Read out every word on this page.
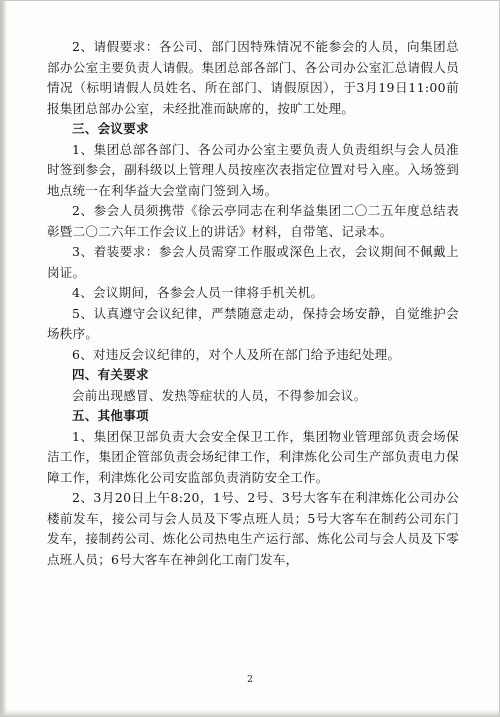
2、请假要求：各公司、部门因特殊情况不能参会的人员，向集团总部办公室主要负责人请假。集团总部各部门、各公司办公室汇总请假人员情况（标明请假人员姓名、所在部门、请假原因），于3月19日11:00前报集团总部办公室，未经批准而缺席的，按旷工处理。

三、会议要求

1、集团总部各部门、各公司办公室主要负责人负责组织与会人员准时签到参会，副科级以上管理人员按座次表指定位置对号入座。入场签到地点统一在利华益大会堂南门签到入场。

2、参会人员须携带《徐云亭同志在利华益集团二〇二五年度总结表彰暨二〇二六年工作会议上的讲话》材料，自带笔、记录本。

3、着装要求：参会人员需穿工作服或深色上衣，会议期间不佩戴上岗证。

4、会议期间，各参会人员一律将手机关机。

5、认真遵守会议纪律，严禁随意走动，保持会场安静，自觉维护会场秩序。

6、对违反会议纪律的，对个人及所在部门给予违纪处理。

四、有关要求

会前出现感冒、发热等症状的人员，不得参加会议。

五、其他事项

1、集团保卫部负责大会安全保卫工作，集团物业管理部负责会场保洁工作，集团企管部负责会场纪律工作，利津炼化公司生产部负责电力保障工作，利津炼化公司安监部负责消防安全工作。

2、3月20日上午8:20，1号、2号、3号大客车在利津炼化公司办公楼前发车，接公司与会人员及下零点班人员；5号大客车在制药公司东门发车，接制药公司、炼化公司热电生产运行部、炼化公司与会人员及下零点班人员；6号大客车在神剑化工南门发车，

2
